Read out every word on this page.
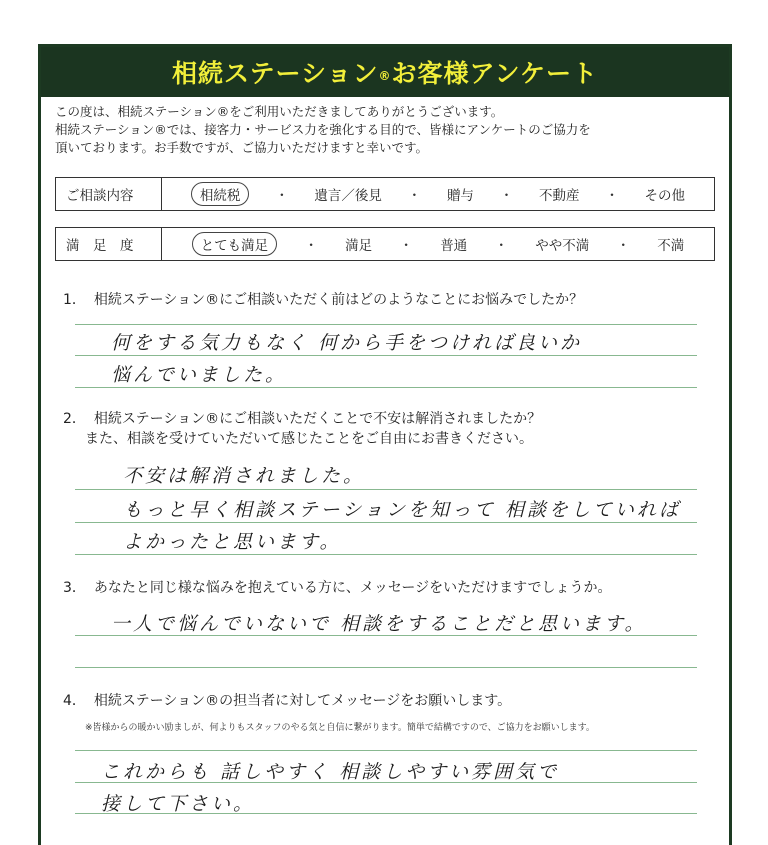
相続ステーション®お客様アンケート
この度は、相続ステーション®をご利用いただきましてありがとうございます。
相続ステーション®では、接客力・サービス力を強化する目的で、皆様にアンケートのご協力を
頂いております。お手数ですが、ご協力いただけますと幸いです。
ご相談内容	相続税	・ 遺言／後見 ・ 贈与 ・ 不動産 ・ その他
満　足　度	とても満足	・ 満足 ・ 普通 ・ やや不満 ・ 不満
1． 相続ステーション®にご相談いただく前はどのようなことにお悩みでしたか？
何をする気力もなく 何から手をつければ良いか
悩んでいました。
2． 相続ステーション®にご相談いただくことで不安は解消されましたか？
また、相談を受けていただいて感じたことをご自由にお書きください。
不安は解消されました。
もっと早く相談ステーションを知って 相談をしていれば
よかったと思います。
3． あなたと同じ様な悩みを抱えている方に、メッセージをいただけますでしょうか。
一人で悩んでいないで 相談をすることだと思います。
4． 相続ステーション®の担当者に対してメッセージをお願いします。
※皆様からの暖かい励ましが、何よりもスタッフのやる気と自信に繋がります。簡単で結構ですので、ご協力をお願いします。
これからも 話しやすく 相談しやすい雰囲気で
接して下さい。
